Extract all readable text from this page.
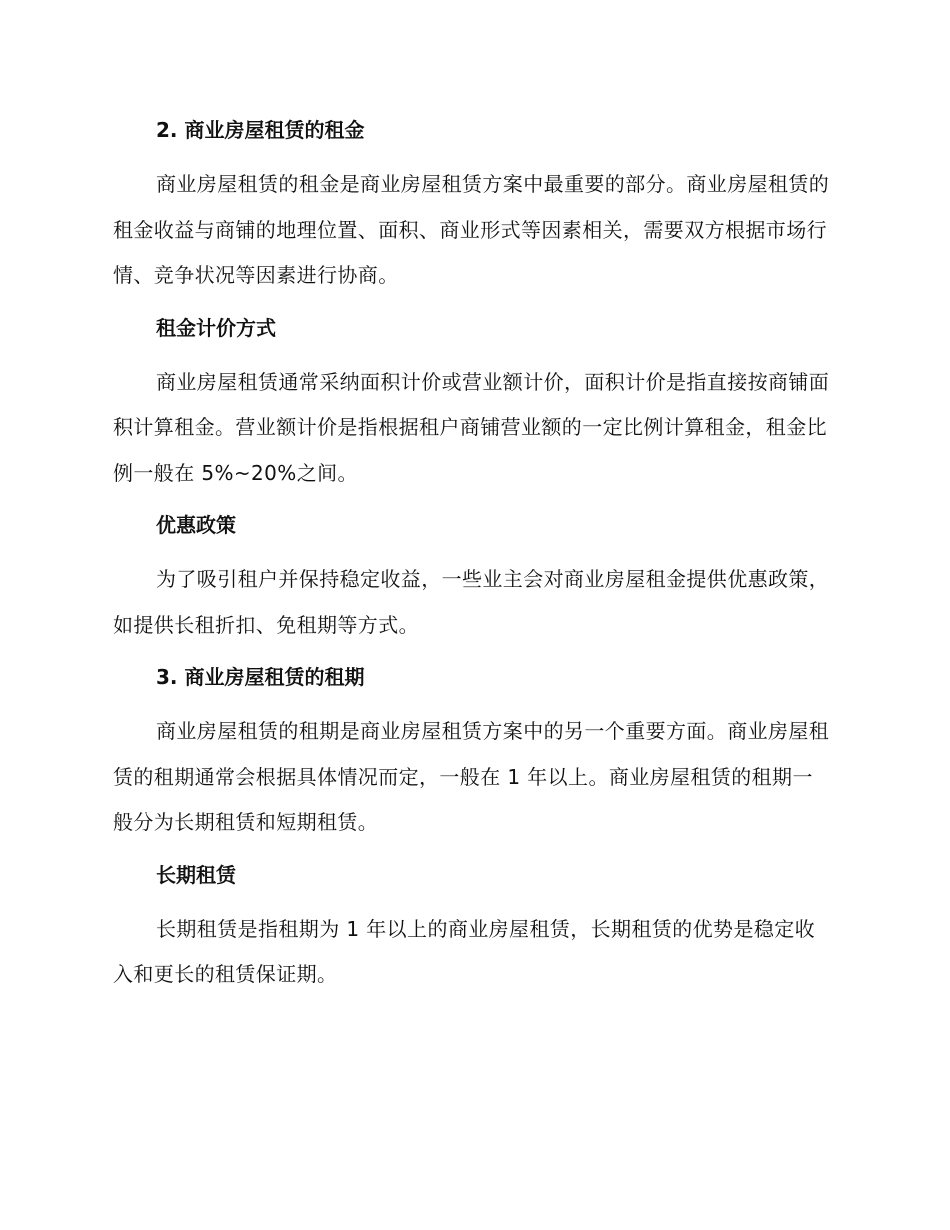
2. 商业房屋租赁的租金

商业房屋租赁的租金是商业房屋租赁方案中最重要的部分。商业房屋租赁的租金收益与商铺的地理位置、面积、商业形式等因素相关，需要双方根据市场行情、竞争状况等因素进行协商。

租金计价方式

商业房屋租赁通常采纳面积计价或营业额计价，面积计价是指直接按商铺面积计算租金。营业额计价是指根据租户商铺营业额的一定比例计算租金，租金比例一般在 5%~20%之间。

优惠政策

为了吸引租户并保持稳定收益，一些业主会对商业房屋租金提供优惠政策，如提供长租折扣、免租期等方式。

3. 商业房屋租赁的租期

商业房屋租赁的租期是商业房屋租赁方案中的另一个重要方面。商业房屋租赁的租期通常会根据具体情况而定，一般在 1 年以上。商业房屋租赁的租期一般分为长期租赁和短期租赁。

长期租赁

长期租赁是指租期为 1 年以上的商业房屋租赁，长期租赁的优势是稳定收入和更长的租赁保证期。
